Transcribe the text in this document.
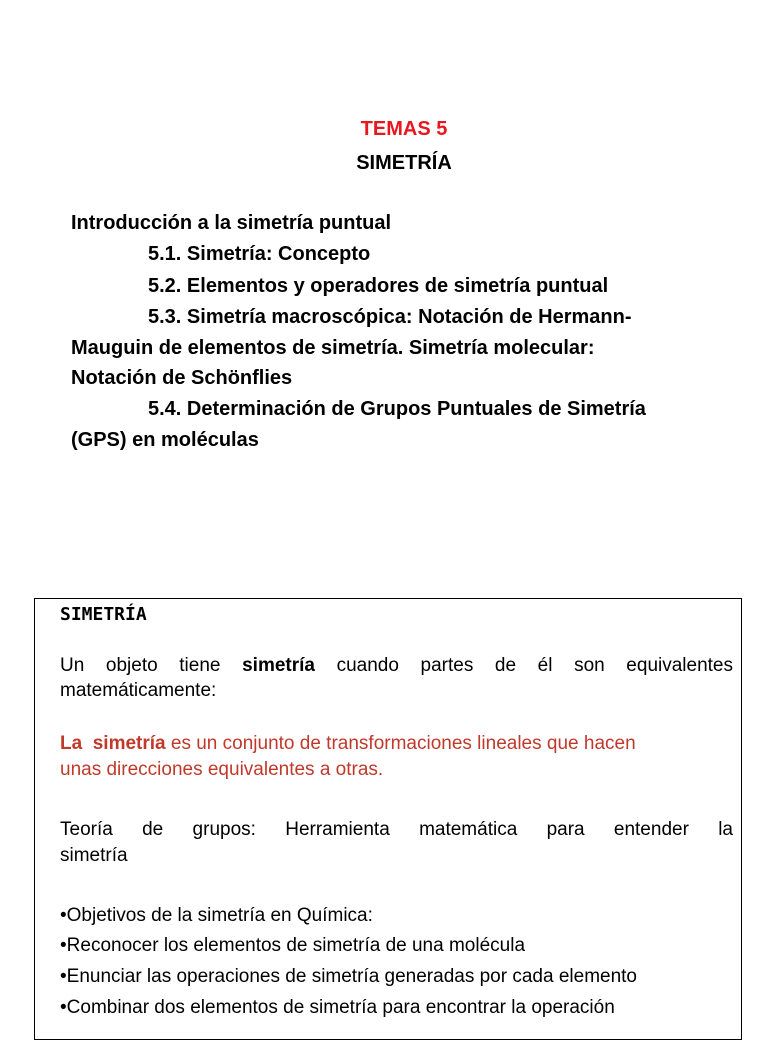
TEMAS 5
SIMETRÍA
Introducción a la simetría puntual
5.1. Simetría: Concepto
5.2. Elementos y operadores de simetría puntual
5.3. Simetría macroscópica: Notación de Hermann-
Mauguin de elementos de simetría. Simetría molecular:
Notación de Schönflies
5.4. Determinación de Grupos Puntuales de Simetría
(GPS) en moléculas
SIMETRÍA
Un objeto tiene simetría cuando partes de él son equivalentes
matemáticamente:
La  simetría es un conjunto de transformaciones lineales que hacen
unas direcciones equivalentes a otras.
Teoría de grupos: Herramienta matemática para entender la
simetría
•Objetivos de la simetría en Química:
•Reconocer los elementos de simetría de una molécula
•Enunciar las operaciones de simetría generadas por cada elemento
•Combinar dos elementos de simetría para encontrar la operación
